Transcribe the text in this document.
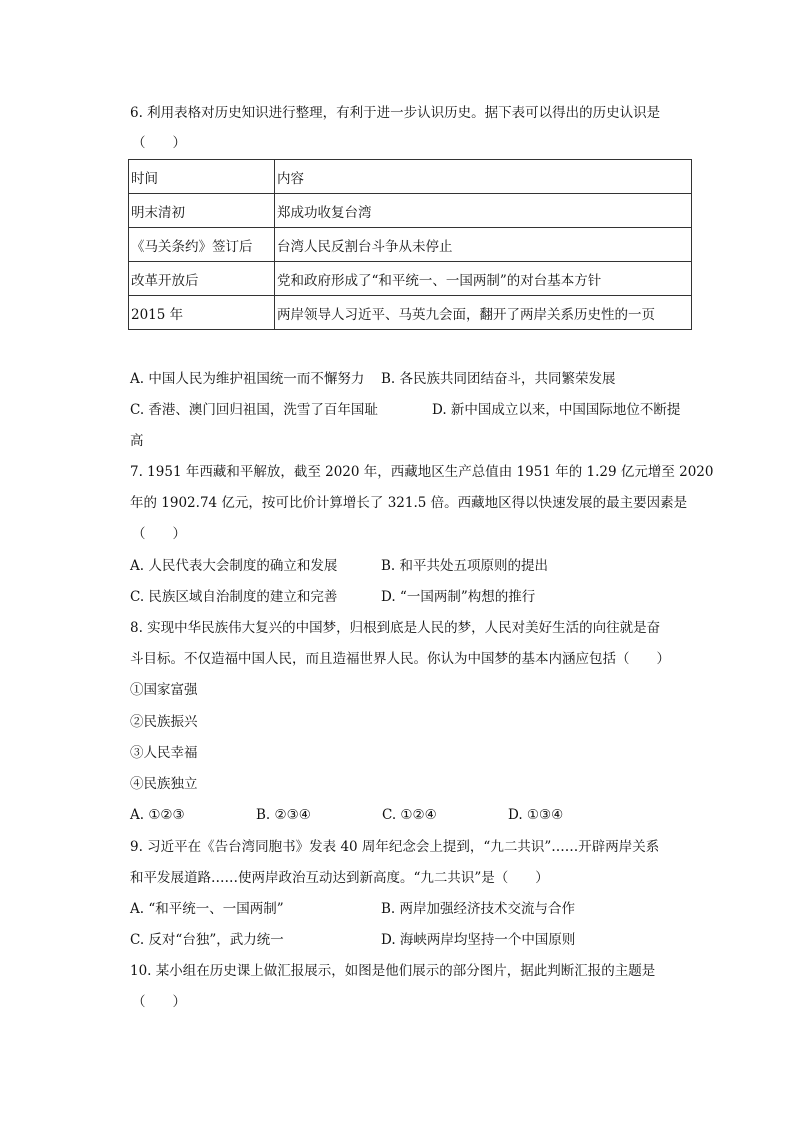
6. 利用表格对历史知识进行整理，有利于进一步认识历史。据下表可以得出的历史认识是
（　　）
时间	内容
明末清初	郑成功收复台湾
《马关条约》签订后	台湾人民反割台斗争从未停止
改革开放后	党和政府形成了“和平统一、一国两制”的对台基本方针
2015 年	两岸领导人习近平、马英九会面，翻开了两岸关系历史性的一页
A. 中国人民为维护祖国统一而不懈努力 B. 各民族共同团结奋斗，共同繁荣发展
C. 香港、澳门回归祖国，洗雪了百年国耻	D. 新中国成立以来，中国国际地位不断提
高
7. 1951 年西藏和平解放，截至 2020 年，西藏地区生产总值由 1951 年的 1.29 亿元增至 2020
年的 1902.74 亿元，按可比价计算增长了 321.5 倍。西藏地区得以快速发展的最主要因素是
（　　）
A. 人民代表大会制度的确立和发展	B. 和平共处五项原则的提出
C. 民族区域自治制度的建立和完善	D. “一国两制”构想的推行
8. 实现中华民族伟大复兴的中国梦，归根到底是人民的梦，人民对美好生活的向往就是奋
斗目标。不仅造福中国人民，而且造福世界人民。你认为中国梦的基本内涵应包括（　　）
①国家富强
②民族振兴
③人民幸福
④民族独立
A. ①②③	B. ②③④	C. ①②④	D. ①③④
9. 习近平在《告台湾同胞书》发表 40 周年纪念会上提到，“九二共识”……开辟两岸关系
和平发展道路……使两岸政治互动达到新高度。“九二共识”是（　　）
A. “和平统一、一国两制”	B. 两岸加强经济技术交流与合作
C. 反对“台独”，武力统一	D. 海峡两岸均坚持一个中国原则
10. 某小组在历史课上做汇报展示，如图是他们展示的部分图片，据此判断汇报的主题是
（　　）
